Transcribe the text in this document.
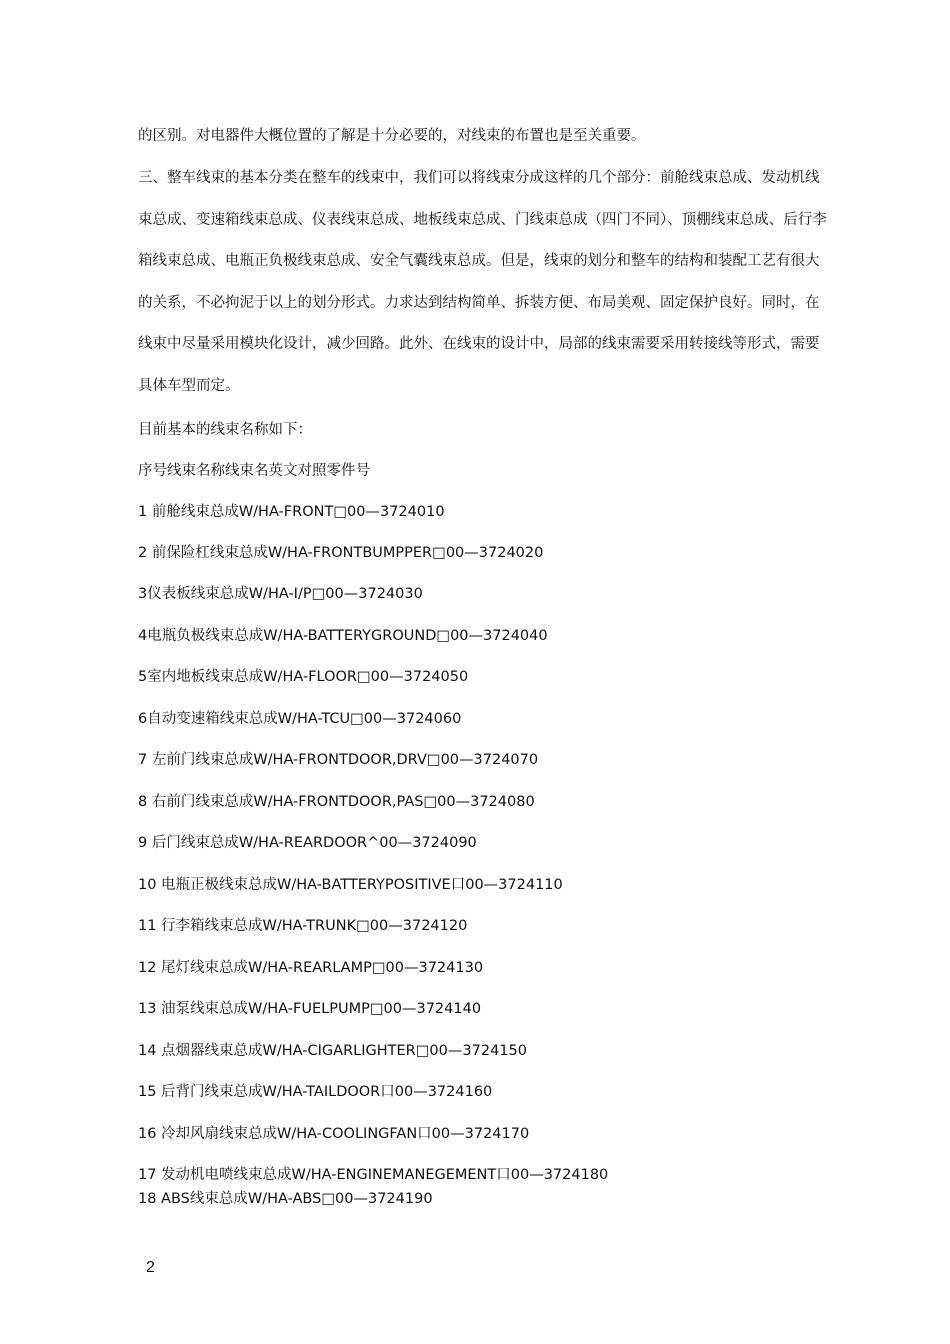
的区别。对电器件大概位置的了解是十分必要的，对线束的布置也是至关重要。

三、整车线束的基本分类在整车的线束中，我们可以将线束分成这样的几个部分：前舱线束总成、发动机线束总成、变速箱线束总成、仪表线束总成、地板线束总成、门线束总成（四门不同）、顶棚线束总成、后行李箱线束总成、电瓶正负极线束总成、安全气囊线束总成。但是，线束的划分和整车的结构和装配工艺有很大的关系，不必拘泥于以上的划分形式。力求达到结构简单、拆装方便、布局美观、固定保护良好。同时，在线束中尽量采用模块化设计，减少回路。此外、在线束的设计中，局部的线束需要采用转接线等形式，需要具体车型而定。

目前基本的线束名称如下：
序号线束名称线束名英文对照零件号
1 前舱线束总成W/HA-FRONT□00—3724010
2 前保险杠线束总成W/HA-FRONTBUMPPER□00—3724020
3仪表板线束总成W/HA-I/P□00—3724030
4电瓶负极线束总成W/HA-BATTERYGROUND□00—3724040
5室内地板线束总成W/HA-FLOOR□00—3724050
6自动变速箱线束总成W/HA-TCU□00—3724060
7 左前门线束总成W/HA-FRONTDOOR,DRV□00—3724070
8 右前门线束总成W/HA-FRONTDOOR,PAS□00—3724080
9 后门线束总成W/HA-REARDOOR^00—3724090
10 电瓶正极线束总成W/HA-BATTERYPOSITIVE口00—3724110
11 行李箱线束总成W/HA-TRUNK□00—3724120
12 尾灯线束总成W/HA-REARLAMP□00—3724130
13 油泵线束总成W/HA-FUELPUMP□00—3724140
14 点烟器线束总成W/HA-CIGARLIGHTER□00—3724150
15 后背门线束总成W/HA-TAILDOOR口00—3724160
16 冷却风扇线束总成W/HA-COOLINGFAN口00—3724170
17 发动机电喷线束总成W/HA-ENGINEMANEGEMENT口00—3724180
18 ABS线束总成W/HA-ABS□00—3724190
2
